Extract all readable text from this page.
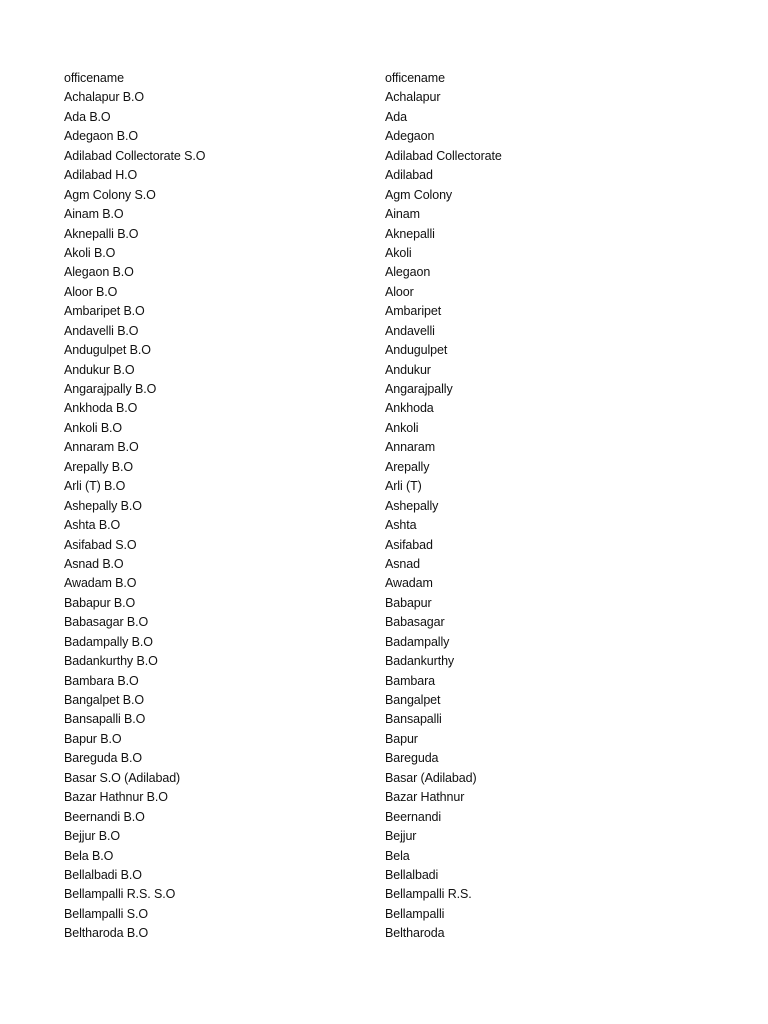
officename
Achalapur B.O
Ada B.O
Adegaon B.O
Adilabad Collectorate S.O
Adilabad H.O
Agm Colony S.O
Ainam B.O
Aknepalli B.O
Akoli B.O
Alegaon B.O
Aloor B.O
Ambaripet B.O
Andavelli B.O
Andugulpet B.O
Andukur B.O
Angarajpally B.O
Ankhoda B.O
Ankoli B.O
Annaram B.O
Arepally B.O
Arli (T) B.O
Ashepally B.O
Ashta B.O
Asifabad S.O
Asnad B.O
Awadam B.O
Babapur B.O
Babasagar B.O
Badampally B.O
Badankurthy B.O
Bambara B.O
Bangalpet B.O
Bansapalli B.O
Bapur B.O
Bareguda B.O
Basar S.O (Adilabad)
Bazar Hathnur B.O
Beernandi B.O
Bejjur B.O
Bela B.O
Bellalbadi B.O
Bellampalli R.S. S.O
Bellampalli S.O
Beltharoda B.O
officename
Achalapur
Ada
Adegaon
Adilabad Collectorate
Adilabad
Agm Colony
Ainam
Aknepalli
Akoli
Alegaon
Aloor
Ambaripet
Andavelli
Andugulpet
Andukur
Angarajpally
Ankhoda
Ankoli
Annaram
Arepally
Arli (T)
Ashepally
Ashta
Asifabad
Asnad
Awadam
Babapur
Babasagar
Badampally
Badankurthy
Bambara
Bangalpet
Bansapalli
Bapur
Bareguda
Basar (Adilabad)
Bazar Hathnur
Beernandi
Bejjur
Bela
Bellalbadi
Bellampalli R.S.
Bellampalli
Beltharoda
